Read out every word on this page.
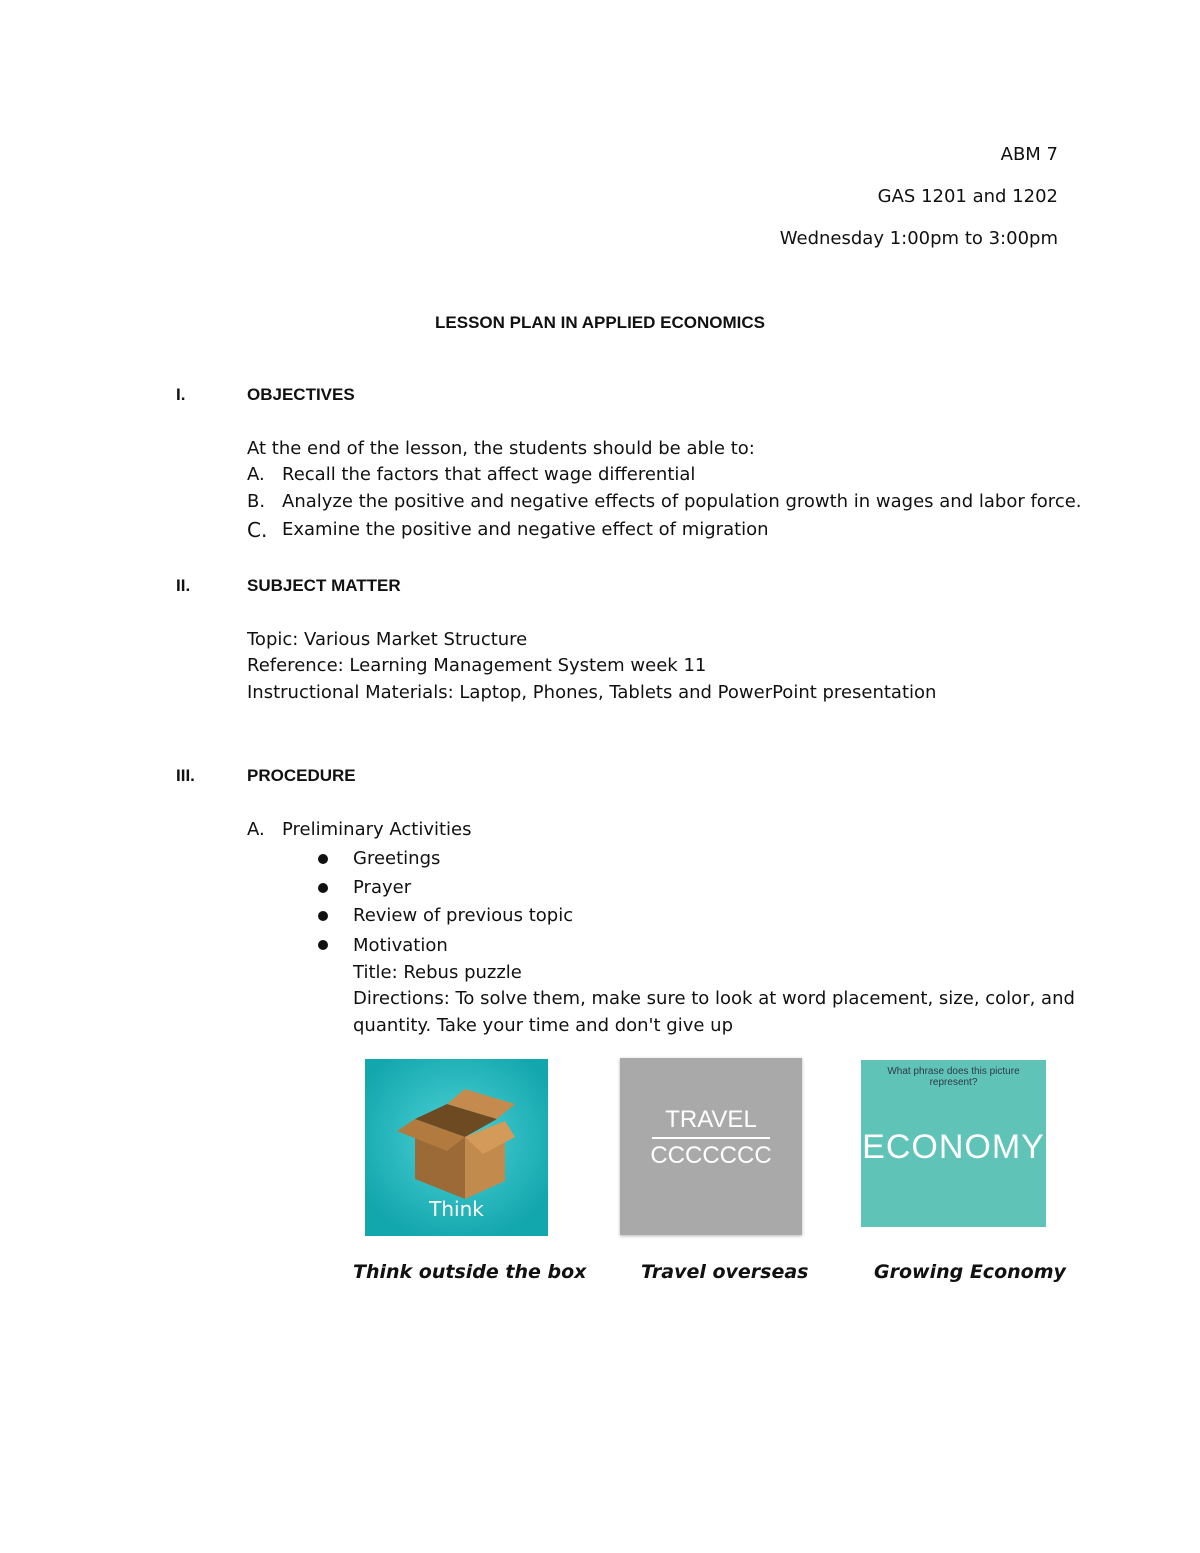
ABM 7
GAS 1201 and 1202
Wednesday 1:00pm to 3:00pm
LESSON PLAN IN APPLIED ECONOMICS
I.	OBJECTIVES
At the end of the lesson, the students should be able to:
A. Recall the factors that affect wage differential
B. Analyze the positive and negative effects of population growth in wages and labor force.
C. Examine the positive and negative effect of migration
II.	SUBJECT MATTER
Topic: Various Market Structure
Reference: Learning Management System week 11
Instructional Materials: Laptop, Phones, Tablets and PowerPoint presentation
III.	PROCEDURE
A. Preliminary Activities
Greetings
Prayer
Review of previous topic
Motivation
Title: Rebus puzzle
Directions: To solve them, make sure to look at word placement, size, color, and
quantity. Take your time and don't give up
Think
TRAVEL
CCCCCCC
What phrase does this picture represent?
ECONOMY
Think outside the box	Travel overseas	Growing Economy
